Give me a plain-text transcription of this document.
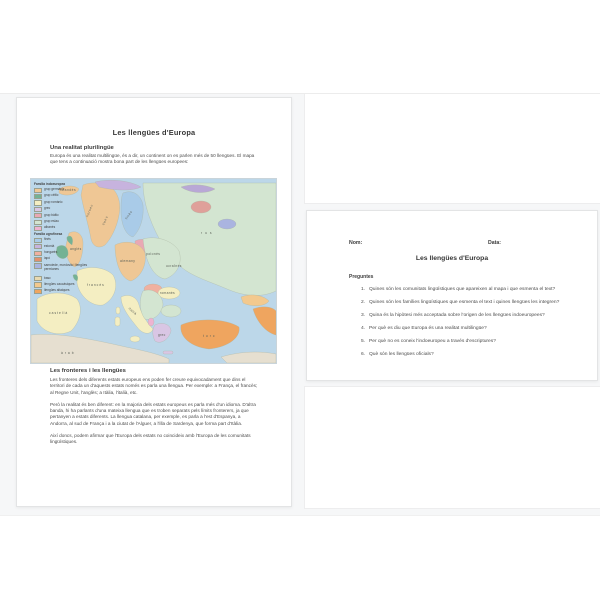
Les llengües d'Europa
Una realitat plurilingüe
Europa és una realitat multilingüe, és a dir, un continent on es parlen més de 50 llengües. El mapa que tens a continuació mostra bona part de les llengües europees:
Família indoeuropea
grup germànic
grup cèltic
grup romànic
grec
grup bàltic
grup eslau
albanès
Família ugrofinesa
finès
estonià
hongarès
lapó
samoiede, mordovià i llengües permianes
basc
llengües caucàsiques
llengües altaiques
islandès
noruec
suec
finès
rus
anglès
francès
castellà
alemany
polonès
ucraïnès
italià
romanès
grec	turc
àrab
Les fronteres i les llengües

Les fronteres dels diferents estats europeus ens poden fer creure equivocadament que dins el territori de cada un d'aquests estats només es parla una llengua. Per exemple: a França, el francès; al Regne Unit, l'anglès; a Itàlia, l'italià, etc.

Però la realitat és ben diferent: en la majoria dels estats europeus es parla més d'un idioma. D'altra banda, hi ha parlants d'una mateixa llengua que es troben separats pels límits fronterers, ja que pertanyen a estats diferents. La llengua catalana, per exemple, es parla a l'est d'Espanya, a Andorra, al sud de França i a la ciutat de l'Alguer, a l'illa de Sardenya, que forma part d'Itàlia.

Així doncs, podem afirmar que l'Europa dels estats no coincideix amb l'Europa de les comunitats lingüístiques.

Nom:	Data:
Les llengües d'Europa
Preguntes
1. Quines són les comunitats lingüístiques que apareixen al mapa i que esmenta el text?
2. Quines són les famílies lingüístiques que esmenta el text i quines llengües les integren?
3. Quina és la hipòtesi més acceptada sobre l'origen de les llengües indoeuropees?
4. Per què es diu que Europa és una realitat multilingüe?
5. Per què no es coneix l'indoeuropeu a través d'escriptures?
6. Què són les llengües oficials?
